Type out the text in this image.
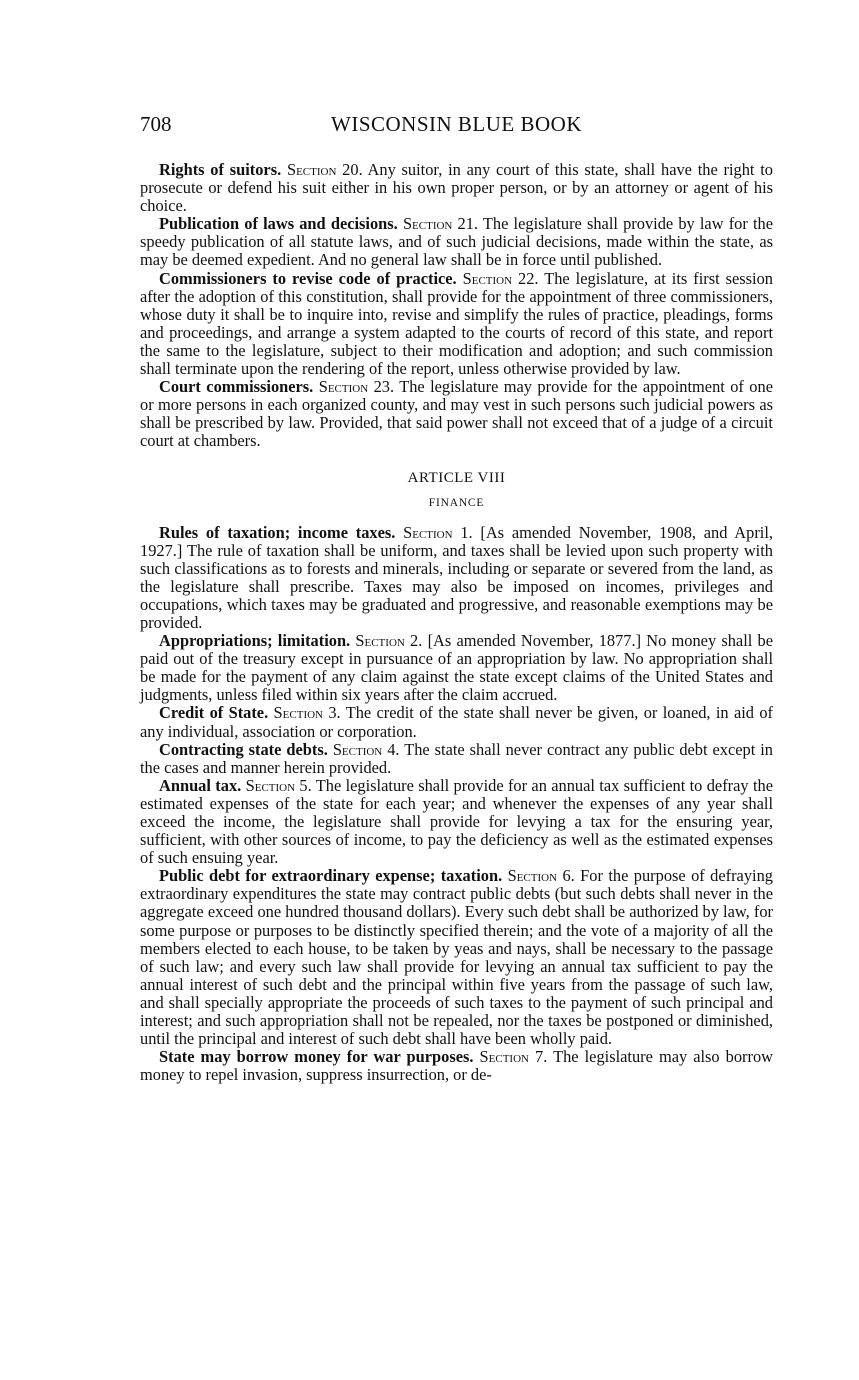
708	WISCONSIN BLUE BOOK

Rights of suitors. Section 20. Any suitor, in any court of this state, shall have the right to prosecute or defend his suit either in his own proper person, or by an attorney or agent of his choice.

Publication of laws and decisions. Section 21. The legislature shall provide by law for the speedy publication of all statute laws, and of such judicial decisions, made within the state, as may be deemed expedient. And no general law shall be in force until published.

Commissioners to revise code of practice. Section 22. The legislature, at its first session after the adoption of this constitution, shall provide for the appointment of three commissioners, whose duty it shall be to inquire into, revise and simplify the rules of practice, pleadings, forms and proceedings, and arrange a system adapted to the courts of record of this state, and report the same to the legislature, subject to their modification and adoption; and such commission shall terminate upon the rendering of the report, unless otherwise provided by law.

Court commissioners. Section 23. The legislature may provide for the appointment of one or more persons in each organized county, and may vest in such persons such judicial powers as shall be prescribed by law. Provided, that said power shall not exceed that of a judge of a circuit court at chambers.

ARTICLE VIII
FINANCE

Rules of taxation; income taxes. Section 1. [As amended November, 1908, and April, 1927.] The rule of taxation shall be uniform, and taxes shall be levied upon such property with such classifications as to forests and minerals, including or separate or severed from the land, as the legislature shall prescribe. Taxes may also be imposed on incomes, privileges and occupations, which taxes may be graduated and progressive, and reasonable exemptions may be provided.

Appropriations; limitation. Section 2. [As amended November, 1877.] No money shall be paid out of the treasury except in pursuance of an appropriation by law. No appropriation shall be made for the payment of any claim against the state except claims of the United States and judgments, unless filed within six years after the claim accrued.

Credit of State. Section 3. The credit of the state shall never be given, or loaned, in aid of any individual, association or corporation.

Contracting state debts. Section 4. The state shall never contract any public debt except in the cases and manner herein provided.

Annual tax. Section 5. The legislature shall provide for an annual tax sufficient to defray the estimated expenses of the state for each year; and whenever the expenses of any year shall exceed the income, the legislature shall provide for levying a tax for the ensuring year, sufficient, with other sources of income, to pay the deficiency as well as the estimated expenses of such ensuing year.

Public debt for extraordinary expense; taxation. Section 6. For the purpose of defraying extraordinary expenditures the state may contract public debts (but such debts shall never in the aggregate exceed one hundred thousand dollars). Every such debt shall be authorized by law, for some purpose or purposes to be distinctly specified therein; and the vote of a majority of all the members elected to each house, to be taken by yeas and nays, shall be necessary to the passage of such law; and every such law shall provide for levying an annual tax sufficient to pay the annual interest of such debt and the principal within five years from the passage of such law, and shall specially appropriate the proceeds of such taxes to the payment of such principal and interest; and such appropriation shall not be repealed, nor the taxes be postponed or diminished, until the principal and interest of such debt shall have been wholly paid.

State may borrow money for war purposes. Section 7. The legislature may also borrow money to repel invasion, suppress insurrection, or de-
